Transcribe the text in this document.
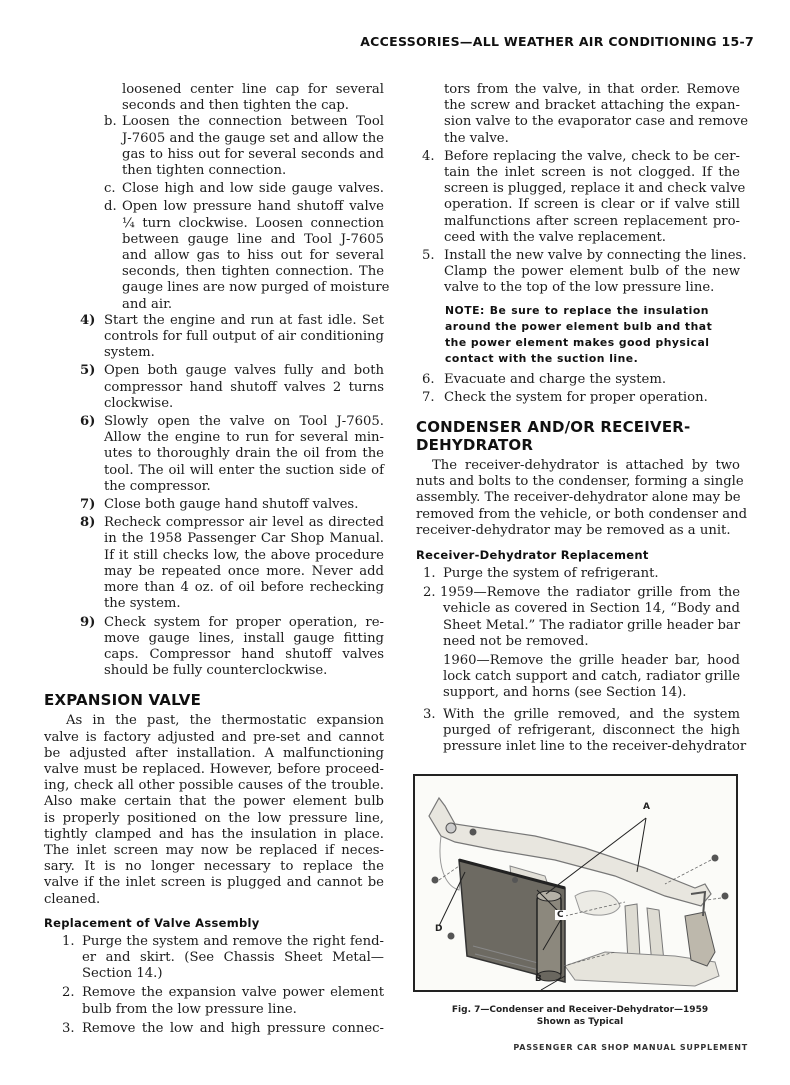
ACCESSORIES—ALL WEATHER AIR CONDITIONING 15-7
loosened center line cap for several
seconds and then tighten the cap.
b. Loosen the connection between Tool
J-7605 and the gauge set and allow the
gas to hiss out for several seconds and
then tighten connection.
c. Close high and low side gauge valves.
d. Open low pressure hand shutoff valve
¼ turn clockwise. Loosen connection
between gauge line and Tool J-7605
and allow gas to hiss out for several
seconds, then tighten connection. The
gauge lines are now purged of moisture
and air.
4) Start the engine and run at fast idle. Set
controls for full output of air conditioning
system.
5) Open both gauge valves fully and both
compressor hand shutoff valves 2 turns
clockwise.
6) Slowly open the valve on Tool J-7605.
Allow the engine to run for several min-
utes to thoroughly drain the oil from the
tool. The oil will enter the suction side of
the compressor.
7) Close both gauge hand shutoff valves.
8) Recheck compressor air level as directed
in the 1958 Passenger Car Shop Manual.
If it still checks low, the above procedure
may be repeated once more. Never add
more than 4 oz. of oil before rechecking
the system.
9) Check system for proper operation, re-
move gauge lines, install gauge fitting
caps. Compressor hand shutoff valves
should be fully counterclockwise.
EXPANSION VALVE
As in the past, the thermostatic expansion
valve is factory adjusted and pre-set and cannot
be adjusted after installation. A malfunctioning
valve must be replaced. However, before proceed-
ing, check all other possible causes of the trouble.
Also make certain that the power element bulb
is properly positioned on the low pressure line,
tightly clamped and has the insulation in place.
The inlet screen may now be replaced if neces-
sary. It is no longer necessary to replace the
valve if the inlet screen is plugged and cannot be
cleaned.
Replacement of Valve Assembly
1. Purge the system and remove the right fend-
er and skirt. (See Chassis Sheet Metal—
Section 14.)
2. Remove the expansion valve power element
bulb from the low pressure line.
3. Remove the low and high pressure connec-
tors from the valve, in that order. Remove
the screw and bracket attaching the expan-
sion valve to the evaporator case and remove
the valve.
4. Before replacing the valve, check to be cer-
tain the inlet screen is not clogged. If the
screen is plugged, replace it and check valve
operation. If screen is clear or if valve still
malfunctions after screen replacement pro-
ceed with the valve replacement.
5. Install the new valve by connecting the lines.
Clamp the power element bulb of the new
valve to the top of the low pressure line.
NOTE: Be sure to replace the insulation
around the power element bulb and that
the power element makes good physical
contact with the suction line.
6. Evacuate and charge the system.
7. Check the system for proper operation.
CONDENSER AND/OR RECEIVER-
DEHYDRATOR
The receiver-dehydrator is attached by two
nuts and bolts to the condenser, forming a single
assembly. The receiver-dehydrator alone may be
removed from the vehicle, or both condenser and
receiver-dehydrator may be removed as a unit.
Receiver-Dehydrator Replacement
1. Purge the system of refrigerant.
2. 1959—Remove the radiator grille from the
vehicle as covered in Section 14, “Body and
Sheet Metal.” The radiator grille header bar
need not be removed.
1960—Remove the grille header bar, hood
lock catch support and catch, radiator grille
support, and horns (see Section 14).
3. With the grille removed, and the system
purged of refrigerant, disconnect the high
pressure inlet line to the receiver-dehydrator
A
C
D
B
Fig. 7—Condenser and Receiver-Dehydrator—1959
Shown as Typical
PASSENGER CAR SHOP MANUAL SUPPLEMENT
